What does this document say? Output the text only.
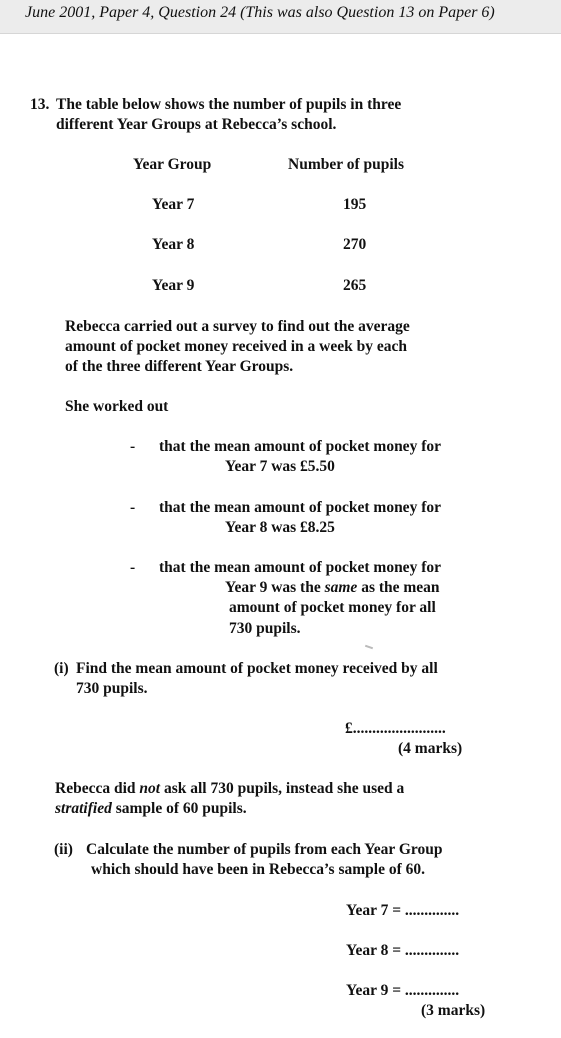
June 2001, Paper 4, Question 24 (This was also Question 13 on Paper 6)
13. The table below shows the number of pupils in three
different Year Groups at Rebecca’s school.
Year Group	Number of pupils
Year 7	195
Year 8	270
Year 9	265
Rebecca carried out a survey to find out the average
amount of pocket money received in a week by each
of the three different Year Groups.
She worked out
- that the mean amount of pocket money for
Year 7 was £5.50
- that the mean amount of pocket money for
Year 8 was £8.25
- that the mean amount of pocket money for
Year 9 was the same as the mean
amount of pocket money for all
730 pupils.
(i) Find the mean amount of pocket money received by all
730 pupils.
£........................
(4 marks)
Rebecca did not ask all 730 pupils, instead she used a
stratified sample of 60 pupils.
(ii) Calculate the number of pupils from each Year Group
which should have been in Rebecca’s sample of 60.
Year 7 = ..............
Year 8 = ..............
Year 9 = ..............
(3 marks)
